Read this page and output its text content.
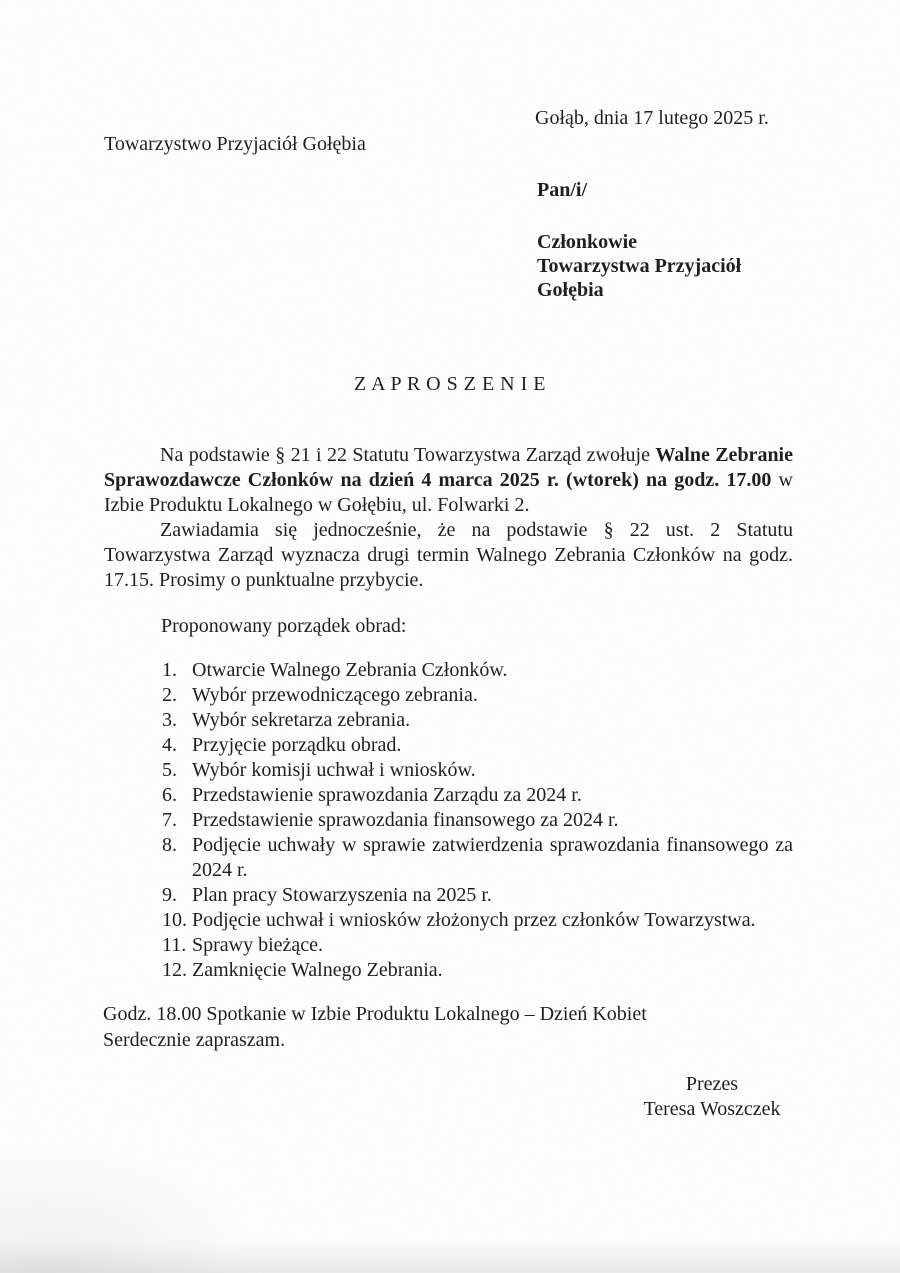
Gołąb, dnia 17 lutego 2025 r.
Towarzystwo Przyjaciół Gołębia
Pan/i/
Członkowie
Towarzystwa Przyjaciół
Gołębia
Z A P R O S Z E N I E

Na podstawie § 21 i 22 Statutu Towarzystwa Zarząd zwołuje Walne Zebranie Sprawozdawcze Członków na dzień 4 marca 2025 r. (wtorek) na godz. 17.00 w Izbie Produktu Lokalnego w Gołębiu, ul. Folwarki 2.

Zawiadamia się jednocześnie, że na podstawie § 22 ust. 2 Statutu Towarzystwa Zarząd wyznacza drugi termin Walnego Zebrania Członków na godz. 17.15. Prosimy o punktualne przybycie.

Proponowany porządek obrad:
1. Otwarcie Walnego Zebrania Członków.
2. Wybór przewodniczącego zebrania.
3. Wybór sekretarza zebrania.
4. Przyjęcie porządku obrad.
5. Wybór komisji uchwał i wniosków.
6. Przedstawienie sprawozdania Zarządu za 2024 r.
7. Przedstawienie sprawozdania finansowego za 2024 r.
8. Podjęcie uchwały w sprawie zatwierdzenia sprawozdania finansowego za 2024 r.
9. Plan pracy Stowarzyszenia na 2025 r.
10. Podjęcie uchwał i wniosków złożonych przez członków Towarzystwa.
11. Sprawy bieżące.
12. Zamknięcie Walnego Zebrania.
Godz. 18.00 Spotkanie w Izbie Produktu Lokalnego – Dzień Kobiet
Serdecznie zapraszam.
Prezes
Teresa Woszczek
